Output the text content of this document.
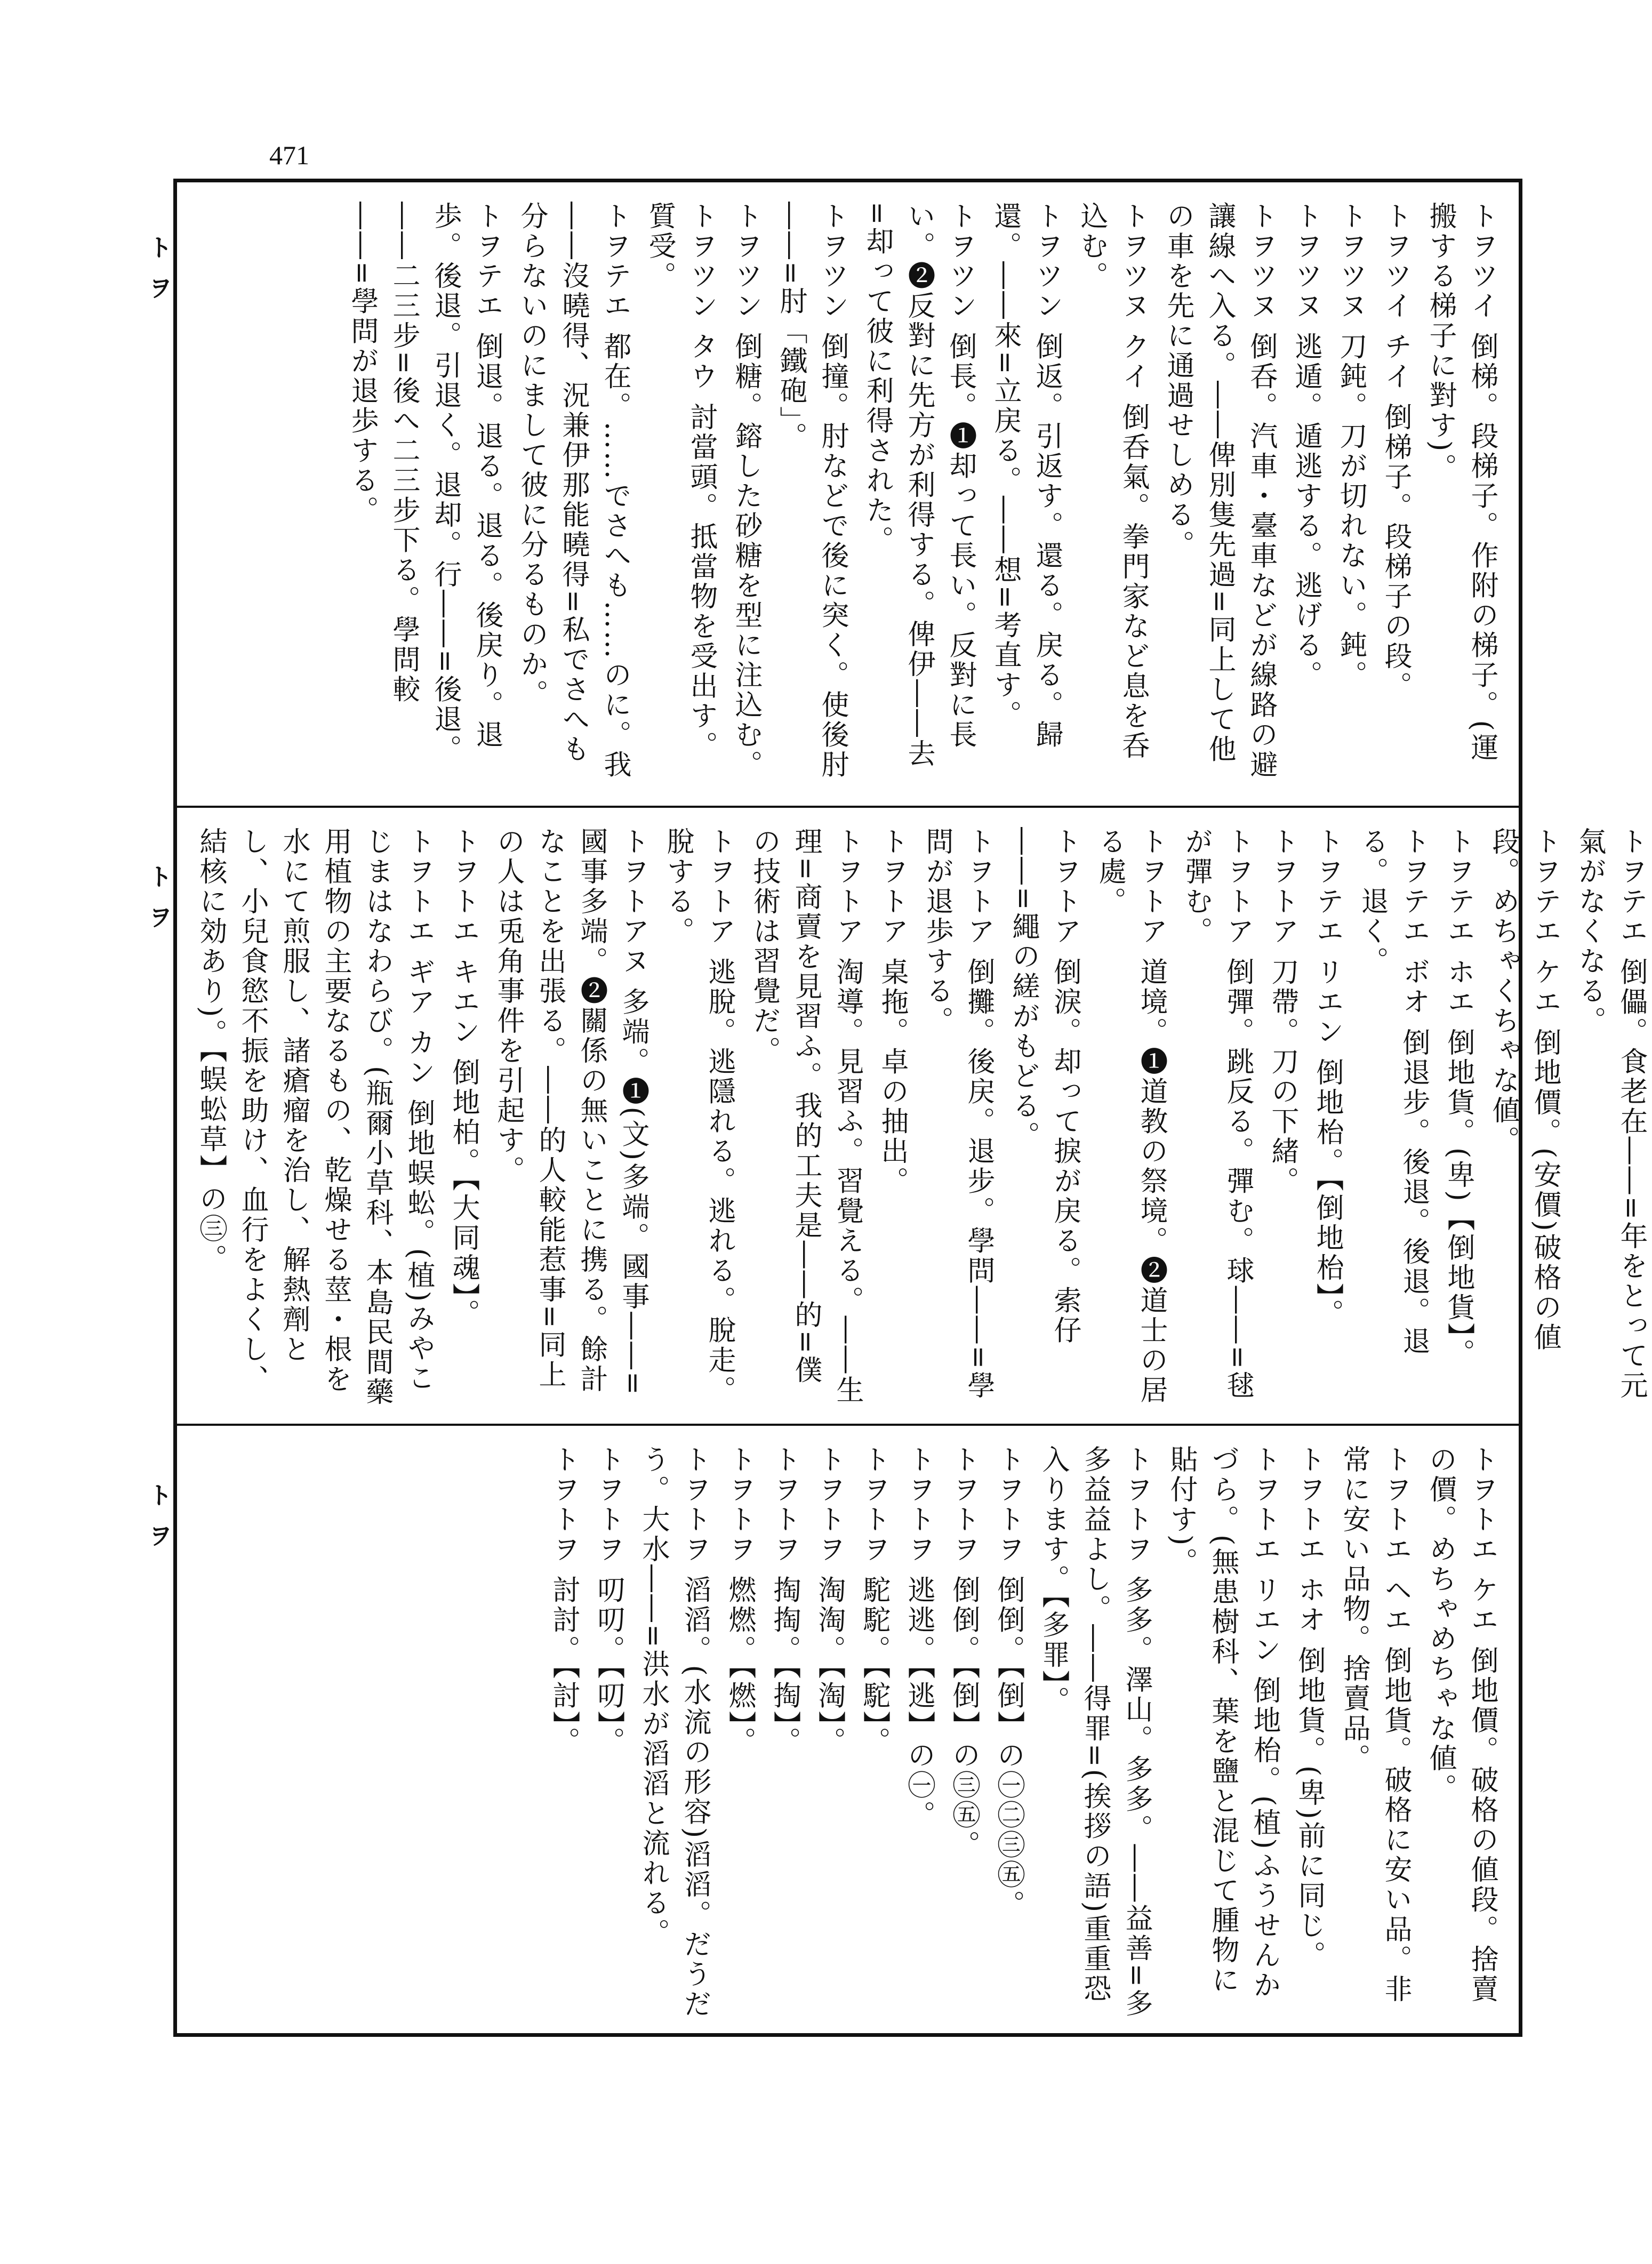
471
トヲ
トヲ
トヲ

トヲツイ 倒梯。段梯子。作附の梯子。(運搬する梯子に對す)。

トヲツイ チイ 倒梯子。段梯子の段。

トヲツヌ 刀鈍。刀が切れない。鈍。

トヲツヌ 逃遁。遁逃する。逃げる。

トヲツヌ 倒呑。汽車・臺車などが線路の避讓線へ入る。――俾別隻先過=同上して他の車を先に通過せしめる。

トヲツヌ クイ 倒呑氣。拳門家など息を呑込む。

トヲツン 倒返。引返す。還る。戻る。歸還。――來=立戻る。――想=考直す。

トヲツン 倒長。❶却って長い。反對に長い。❷反對に先方が利得する。俾伊――去=却って彼に利得された。

トヲツン 倒撞。肘などで後に突く。使後肘――=肘「鐵砲」。

トヲツン 倒糖。鎔した砂糖を型に注込む。

トヲツン タウ 討當頭。抵當物を受出す。質受。

トヲテエ 都在。……でさへも……のに。我――沒曉得、況兼伊那能曉得=私でさへも分らないのにまして彼に分るものか。

トヲテエ 倒退。退る。退る。後戻り。退歩。後退。引退く。退却。行――=後退。――二三步=後へ二三步下る。學問較――=學問が退歩する。

トヲテエ 倒儡。食老在――=年をとって元氣がなくなる。

トヲテエ ケエ 倒地價。(安價)破格の値段。めちゃくちゃな値。

トヲテエ ホエ 倒地貨。(卑)【倒地貨】。

トヲテエ ボオ 倒退步。後退。後退。退る。退く。

トヲテエ リエン 倒地枱。【倒地枱】。

トヲトア 刀帶。刀の下緒。

トヲトア 倒彈。跳反る。彈む。球――=毬が彈む。

トヲトア 道境。❶道教の祭境。❷道士の居る處。

トヲトア 倒淚。却って捩が戻る。索仔――=繩の縒がもどる。

トヲトア 倒攤。後戻。退步。學問――=學問が退歩する。

トヲトア 桌拖。卓の抽出。

トヲトア 淘導。見習ふ。習覺える。――生理=商賣を見習ふ。我的工夫是――的=僕の技術は習覺だ。

トヲトア 逃脫。逃隱れる。逃れる。脫走。脫する。

トヲトアヌ 多端。❶(文)多端。國事――=國事多端。❷關係の無いことに携る。餘計なことを出張る。――的人較能惹事=同上の人は兎角事件を引起す。

トヲトエ キエン 倒地柏。【大同魂】。

トヲトエ ギア カン 倒地蜈蚣。(植)みやこじまはなわらび。(瓶爾小草科、本島民間藥用植物の主要なるもの、乾燥せる莖・根を水にて煎服し、諸瘡瘤を治し、解熱劑とし、小兒食慾不振を助け、血行をよくし、結核に効あり)。【蜈蚣草】の㊂。

トヲトエ ケエ 倒地價。破格の値段。捨賣の價。めちゃめちゃな値。

トヲトエ ヘエ 倒地貨。破格に安い品。非常に安い品物。捨賣品。

トヲトエ ホオ 倒地貨。(卑)前に同じ。

トヲトエ リエン 倒地枱。(植)ふうせんかづら。(無患樹科、葉を鹽と混じて腫物に貼付す)。

トヲトヲ 多多。澤山。多多。――益善=多多益益よし。――得罪=(挨拶の語)重重恐入ります。【多罪】。

トヲトヲ 倒倒。【倒】の㊀㊁㊂㊄。

トヲトヲ 倒倒。【倒】の㊂㊄。

トヲトヲ 逃逃。【逃】の㊀。

トヲトヲ 駝駝。【駝】。

トヲトヲ 淘淘。【淘】。

トヲトヲ 掏掏。【掏】。

トヲトヲ 燃燃。【燃】。

トヲトヲ 滔滔。(水流の形容)滔滔。だうだう。大水――=洪水が滔滔と流れる。

トヲトヲ 叨叨。【叨】。

トヲトヲ 討討。【討】。
